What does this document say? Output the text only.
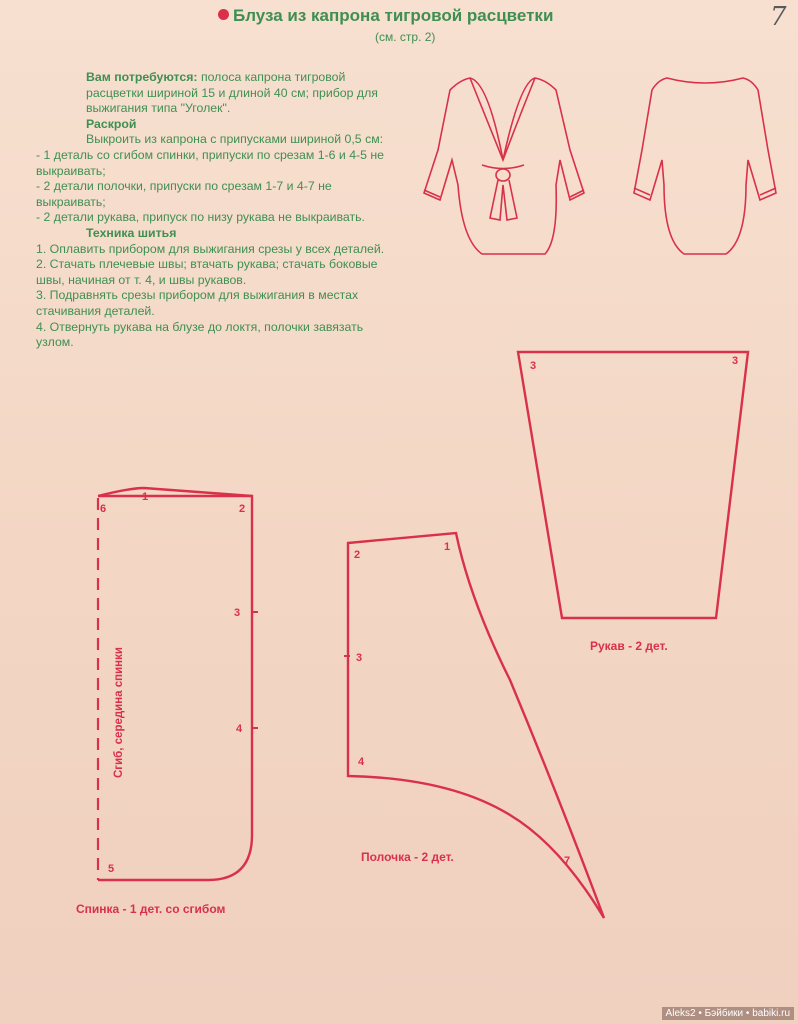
Блуза из капрона тигровой расцветки
(см. стр. 2)
7

Вам потребуются: полоса капрона тигровой расцветки шириной 15 и длиной 40 см; прибор для выжигания типа "Уголек".

Раскрой

Выкроить из капрона с припусками шириной 0,5 см:

- 1 деталь со сгибом спинки, припуски по срезам 1-6 и 4-5 не выкраивать;

- 2 детали полочки, припуски по срезам 1-7 и 4-7 не выкраивать;

- 2 детали рукава, припуск по низу рукава не выкраивать.

Техника шитья

1. Оплавить прибором для выжигания срезы у всех деталей.

2. Стачать плечевые швы; втачать рукава; стачать боковые швы, начиная от т. 4, и швы рукавов.

3. Подравнять срезы прибором для выжигания в местах стачивания деталей.

4. Отвернуть рукава на блузе до локтя, полочки завязать узлом.

6
1
2
3
4
5
Сгиб, середина спинки
2
1
3
4
7
3	3
Спинка - 1 дет. со сгибом
Полочка - 2 дет.
Рукав - 2 дет.
Aleks2 • Бэйбики • babiki.ru
